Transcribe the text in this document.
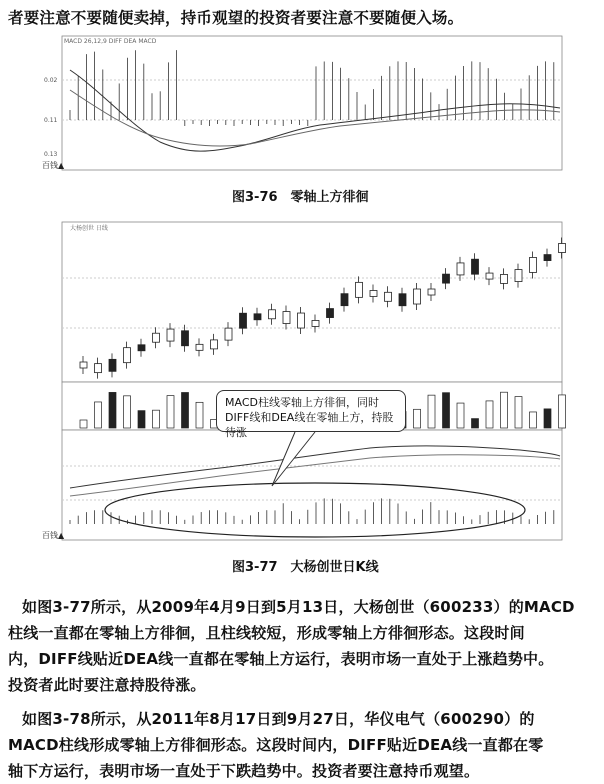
者要注意不要随便卖掉，持币观望的投资者要注意不要随便入场。
MACD 26,12,9 DIFF DEA MACD
0.02
0.11
0.13
百钱▲
图3-76　零轴上方徘徊
大杨创世 日线
百钱▲
MACD柱线零轴上方徘徊，同时DIFF线和DEA线在零轴上方，持股待涨
图3-77　大杨创世日K线
如图3-77所示，从2009年4月9日到5月13日，大杨创世（600233）的MACD
柱线一直都在零轴上方徘徊，且柱线较短，形成零轴上方徘徊形态。这段时间
内，DIFF线贴近DEA线一直都在零轴上方运行，表明市场一直处于上涨趋势中。
投资者此时要注意持股待涨。
如图3-78所示，从2011年8月17日到9月27日，华仪电气（600290）的
MACD柱线形成零轴上方徘徊形态。这段时间内，DIFF贴近DEA线一直都在零
轴下方运行，表明市场一直处于下跌趋势中。投资者要注意持币观望。
